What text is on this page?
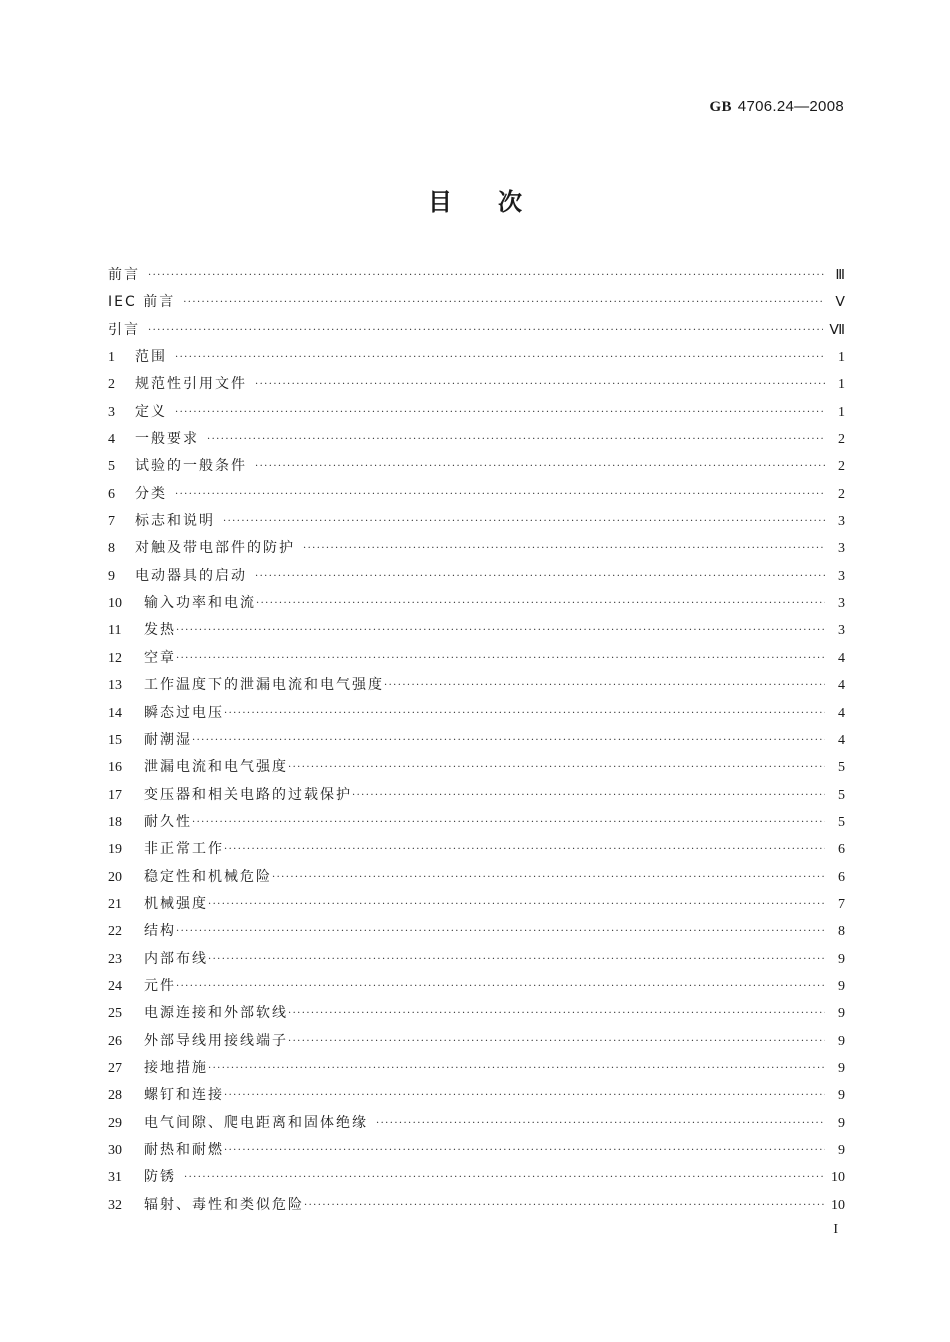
GB 4706.24—2008
目 次
前言 ·····	Ⅲ
IEC 前言 ·····	Ⅴ
引言 ·····	Ⅶ
1	范围 ·····	1
2	规范性引用文件 ·····	1
3	定义 ·····	1
4	一般要求 ·····	2
5	试验的一般条件 ·····	2
6	分类 ·····	2
7	标志和说明 ·····	3
8	对触及带电部件的防护 ·····	3
9	电动器具的启动 ·····	3
10	输入功率和电流 ·····	3
11	发热 ·····	3
12	空章 ·····	4
13	工作温度下的泄漏电流和电气强度 ·····	4
14	瞬态过电压 ·····	4
15	耐潮湿 ·····	4
16	泄漏电流和电气强度 ·····	5
17	变压器和相关电路的过载保护 ·····	5
18	耐久性 ·····	5
19	非正常工作 ·····	6
20	稳定性和机械危险 ·····	6
21	机械强度 ·····	7
22	结构 ·····	8
23	内部布线 ·····	9
24	元件 ·····	9
25	电源连接和外部软线 ·····	9
26	外部导线用接线端子 ·····	9
27	接地措施 ·····	9
28	螺钉和连接 ·····	9
29	电气间隙、爬电距离和固体绝缘 ·····	9
30	耐热和耐燃 ·····	9
31	防锈 ·····	10
32	辐射、毒性和类似危险 ·····	10
I
